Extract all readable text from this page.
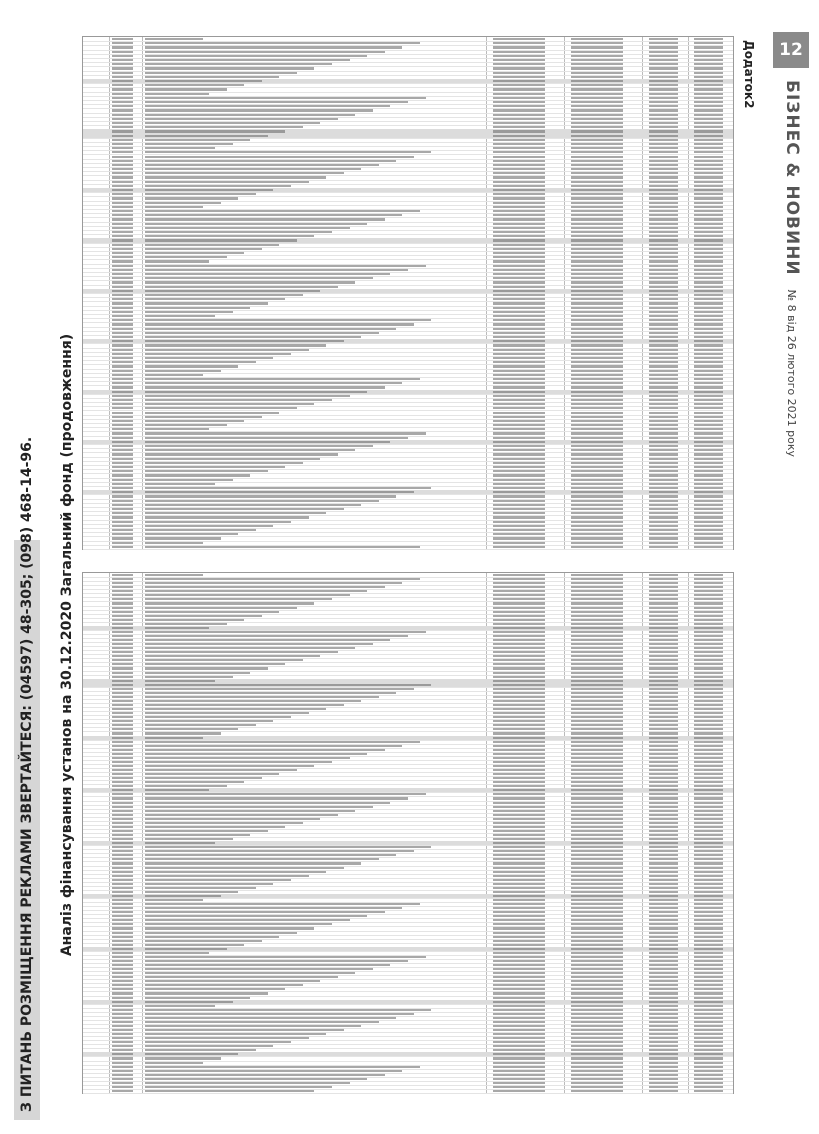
12
БІЗНЕС & НОВИНИ
№ 8 від 26 лютого 2021 року
Додаток2
З ПИТАНЬ РОЗМІЩЕННЯ РЕКЛАМИ ЗВЕРТАЙТЕСЯ: (04597) 48-305; (098) 468-14-96.	Аналіз фінансування установ на 30.12.2020 Загальний фонд (продовження)
